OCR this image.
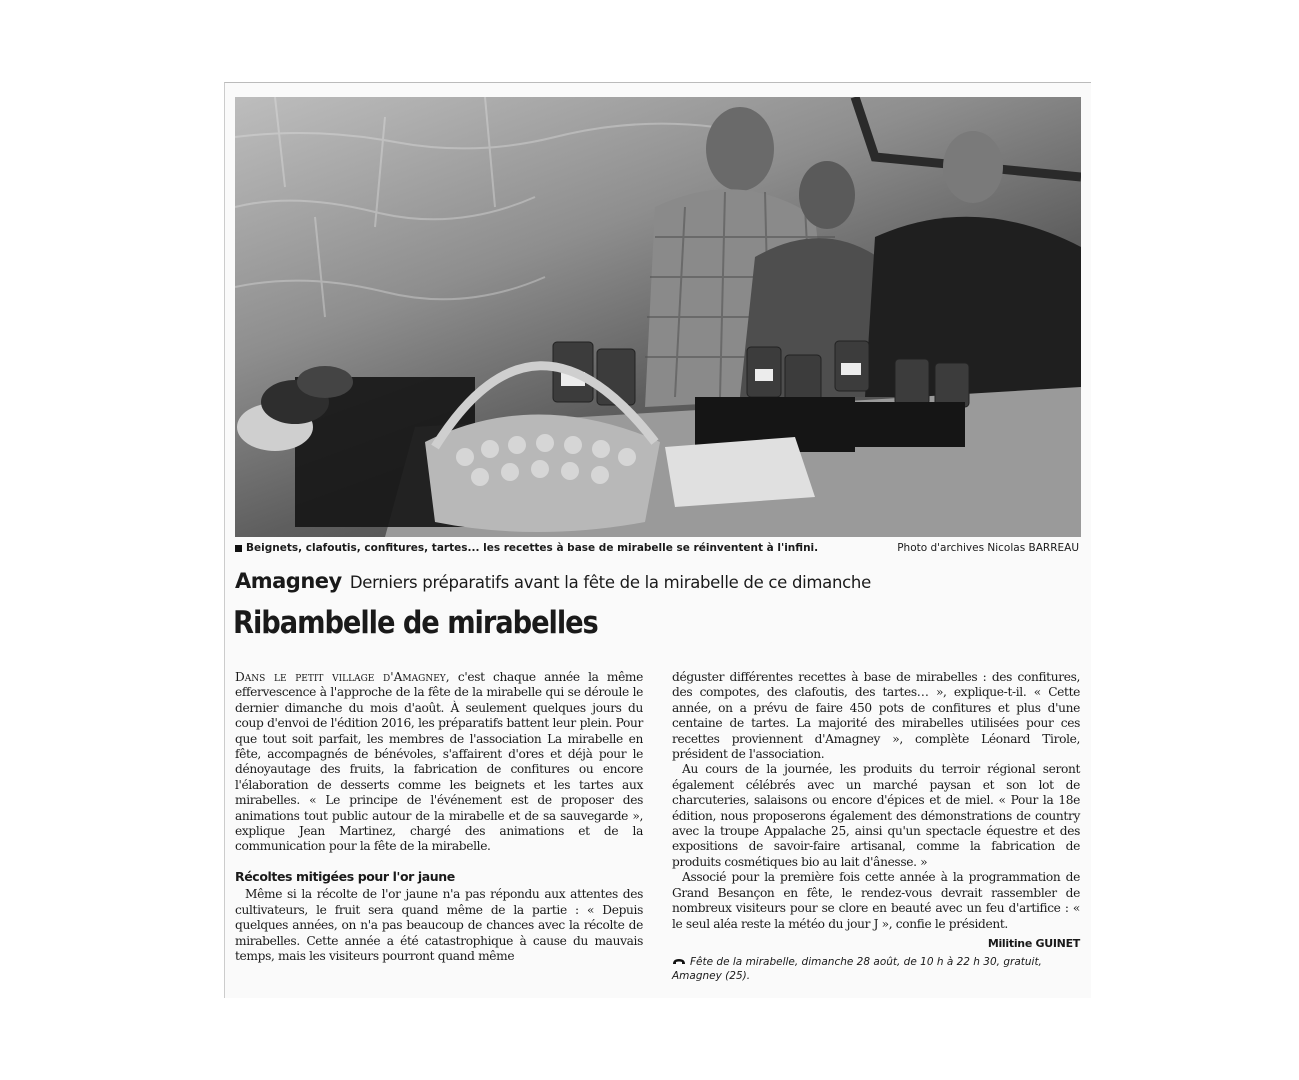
Beignets, clafoutis, confitures, tartes... les recettes à base de mirabelle se réinventent à l'infini.	Photo d'archives Nicolas BARREAU
Amagney Derniers préparatifs avant la fête de la mirabelle de ce dimanche
Ribambelle de mirabelles

Dans le petit village d'Amagney, c'est chaque année la même effervescence à l'approche de la fête de la mirabelle qui se déroule le dernier dimanche du mois d'août. À seulement quelques jours du coup d'envoi de l'édition 2016, les préparatifs battent leur plein. Pour que tout soit parfait, les membres de l'association La mirabelle en fête, accompagnés de bénévoles, s'affairent d'ores et déjà pour le dénoyautage des fruits, la fabrication de confitures ou encore l'élaboration de desserts comme les beignets et les tartes aux mirabelles. « Le principe de l'événement est de proposer des animations tout public autour de la mirabelle et de sa sauvegarde », explique Jean Martinez, chargé des animations et de la communication pour la fête de la mirabelle.

Récoltes mitigées pour l'or jaune

Même si la récolte de l'or jaune n'a pas répondu aux attentes des cultivateurs, le fruit sera quand même de la partie : « Depuis quelques années, on n'a pas beaucoup de chances avec la récolte de mirabelles. Cette année a été catastrophique à cause du mauvais temps, mais les visiteurs pourront quand même

déguster différentes recettes à base de mirabelles : des confitures, des compotes, des clafoutis, des tartes… », explique-t-il. « Cette année, on a prévu de faire 450 pots de confitures et plus d'une centaine de tartes. La majorité des mirabelles utilisées pour ces recettes proviennent d'Amagney », complète Léonard Tirole, président de l'association.

Au cours de la journée, les produits du terroir régional seront également célébrés avec un marché paysan et son lot de charcuteries, salaisons ou encore d'épices et de miel. « Pour la 18e édition, nous proposerons également des démonstrations de country avec la troupe Appalache 25, ainsi qu'un spectacle équestre et des expositions de savoir-faire artisanal, comme la fabrication de produits cosmétiques bio au lait d'ânesse. »

Associé pour la première fois cette année à la programmation de Grand Besançon en fête, le rendez-vous devrait rassembler de nombreux visiteurs pour se clore en beauté avec un feu d'artifice : « le seul aléa reste la météo du jour J », confie le président.

Militine GUINET
Fête de la mirabelle, dimanche 28 août, de 10 h à 22 h 30, gratuit, Amagney (25).
